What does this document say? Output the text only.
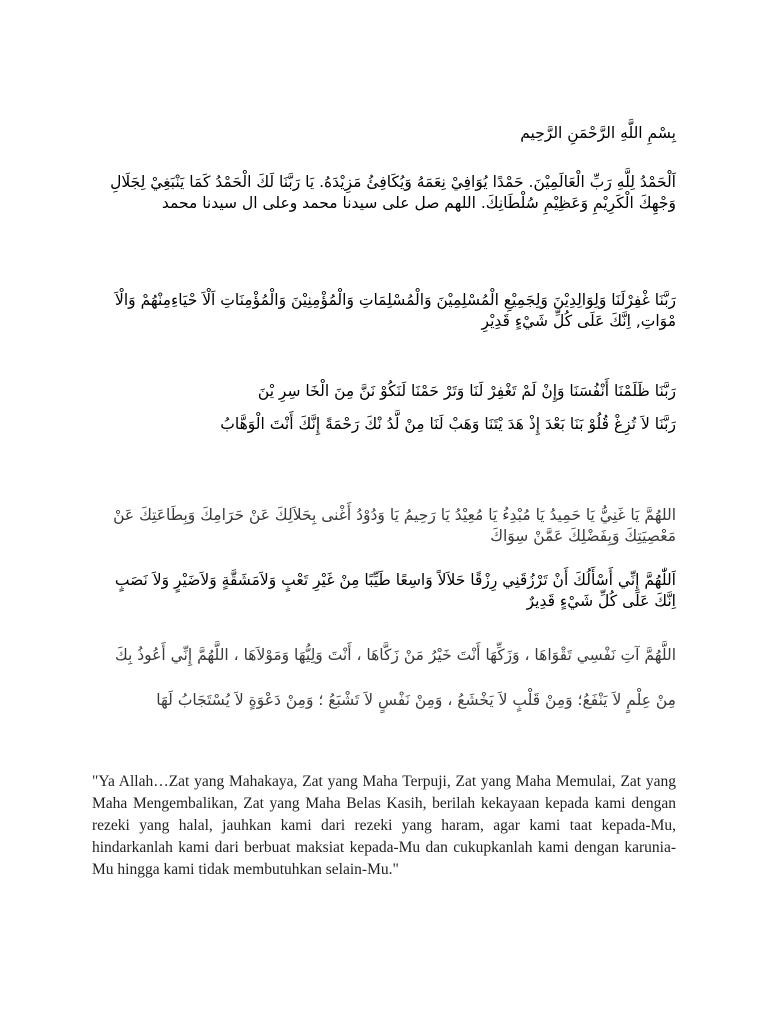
بِسْمِ اللَّهِ الرَّحْمَنِ الرَّحِيم

اَلْحَمْدُ لِلَّهِ رَبِّ الْعَالَمِيْنَ. حَمْدًا يُوَافِيْ نِعَمَهُ وَيُكَافِئُ مَزِيْدَهُ. يَا رَبَّنَا لَكَ الْحَمْدُ كَمَا يَنْبَغِيْ لِجَلَالِ وَجْهِكَ الْكَرِيْمِ وَعَظِيْمِ سُلْطَانِكَ. اللهم صل على سيدنا محمد وعلى ال سيدنا محمد

رَبَّنَا غْفِرْلَنَا وَلِوَالِدِيْنَ وَلِجَمِيْعِ الْمُسْلِمِيْنَ وَالْمُسْلِمَاتِ وَالْمُؤْمِنِيْنَ وَالْمُؤْمِنَاتِ اَلْاَ حْيَاءِمِنْهُمْ وَالْاَ مْوَاتِ, اِنَّكَ عَلَى كُلِّ شَيْءٍ قَدِيْرِ

رَبَّنَا ظَلَمْنَا أَنْفُسَنَا وَإِنْ لَمْ تَغْفِرْ لَنَا وَتَرْ حَمْنَا لَنَكُوْ نَنَّ مِنَ الْخَا سِرِ يْنَ

رَبَّنَا لاَ تُزِغْ قُلُوْ بَنَا بَعْدَ إِذْ هَدَ يْتَنَا وَهَبْ لَنَا مِنْ لَّدُ نْكَ رَحْمَةً إِنَّكَ أَنْتَ الْوَهَّابُ

اللهُمَّ يَا غَنِيُّ يَا حَمِيدُ يَا مُبْدِءُ يَا مُعِيْدُ يَا رَحِيمُ يَا وَدُوْدُ أَغْنى بِحَلاَلِكَ عَنْ حَرَامِكَ وَبِطَاعَتِكَ عَنْ مَعْصِيَتِكَ وَبِفَضْلِكَ عَمَّنْ سِوَاكَ

اَللّٰهُمَّ إِنِّي أَسْأَلُكَ أَنْ تَرْزُقَنِي رِزْقًا حَلاَلاً وَاسِعًا طَيِّبًا مِنْ غَيْرِ تَعْبٍ وَلاَمَشَقَّةٍ وَلاَضَيْرٍ وَلاَ نَصَبٍ اِنَّكَ عَلَى كُلِّ شَيْءٍ قَدِيرٌ

اللَّهُمَّ آتِ نَفْسِي تَقْوَاهَا ، وَزَكِّهَا أَنْتَ خَيْرُ مَنْ زَكَّاهَا ، أَنْتَ وَلِيُّهَا وَمَوْلاَهَا ، اللَّهُمَّ إِنِّي أَعُوذُ بِكَ

مِنْ عِلْمٍ لاَ يَنْفَعُ؛ وَمِنْ قَلْبٍ لاَ يَخْشَعُ ، وَمِنْ نَفْسٍ لاَ تَشْبَعُ ؛ وَمِنْ دَعْوَةٍ لاَ يُسْتَجَابُ لَهَا

"Ya Allah…Zat yang Mahakaya, Zat yang Maha Terpuji, Zat yang Maha Memulai, Zat yang Maha Mengembalikan, Zat yang Maha Belas Kasih, berilah kekayaan kepada kami dengan rezeki yang halal, jauhkan kami dari rezeki yang haram, agar kami taat kepada-Mu, hindarkanlah kami dari berbuat maksiat kepada-Mu dan cukupkanlah kami dengan karunia-Mu hingga kami tidak membutuhkan selain-Mu."
